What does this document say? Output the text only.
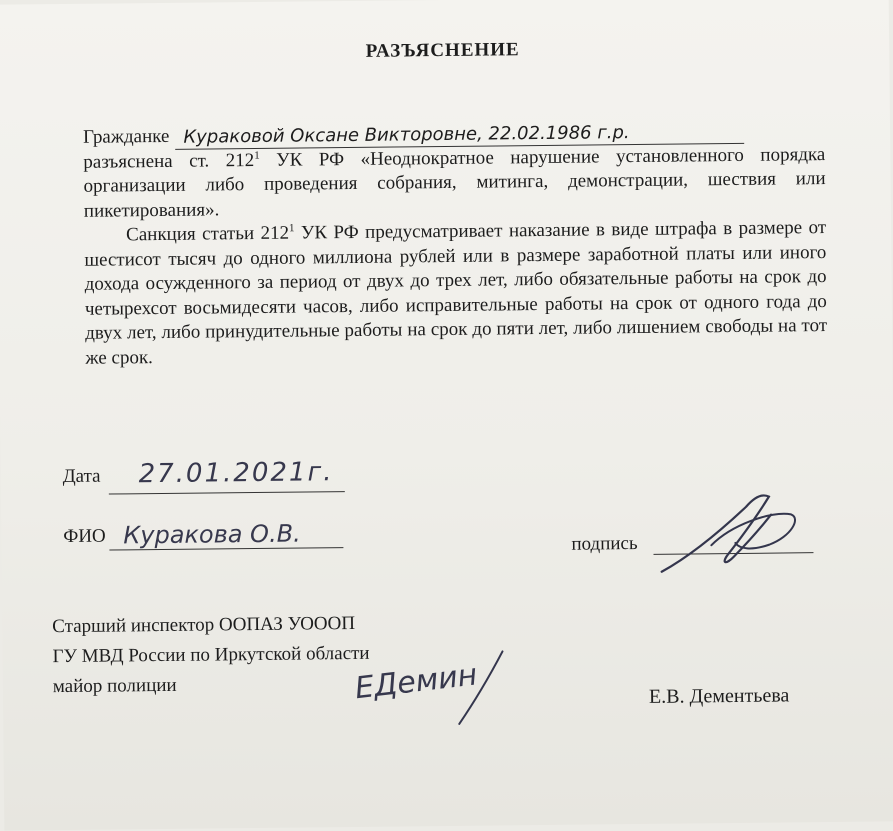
РАЗЪЯСНЕНИЕ
Гражданке Кураковой Оксане Викторовне, 22.02.1986 г.р.

разъяснена ст. $212^1$ УК РФ «Неоднократное нарушение установленного порядка организации либо проведения собрания, митинга, демонстрации, шествия или пикетирования».

Санкция статьи $212^1$ УК РФ предусматривает наказание в виде штрафа в размере от шестисот тысяч до одного миллиона рублей или в размере заработной платы или иного дохода осужденного за период от двух до трех лет, либо обязательные работы на срок до четырехсот восьмидесяти часов, либо исправительные работы на срок от одного года до двух лет, либо принудительные работы на срок до пяти лет, либо лишением свободы на тот же срок.

Дата 27.01.2021г.
ФИО Куракова О.В.	подпись
Старший инспектор ООПАЗ УОООП
ГУ МВД России по Иркутской области
майор полиции	ЕДемин	Е.В. Дементьева
